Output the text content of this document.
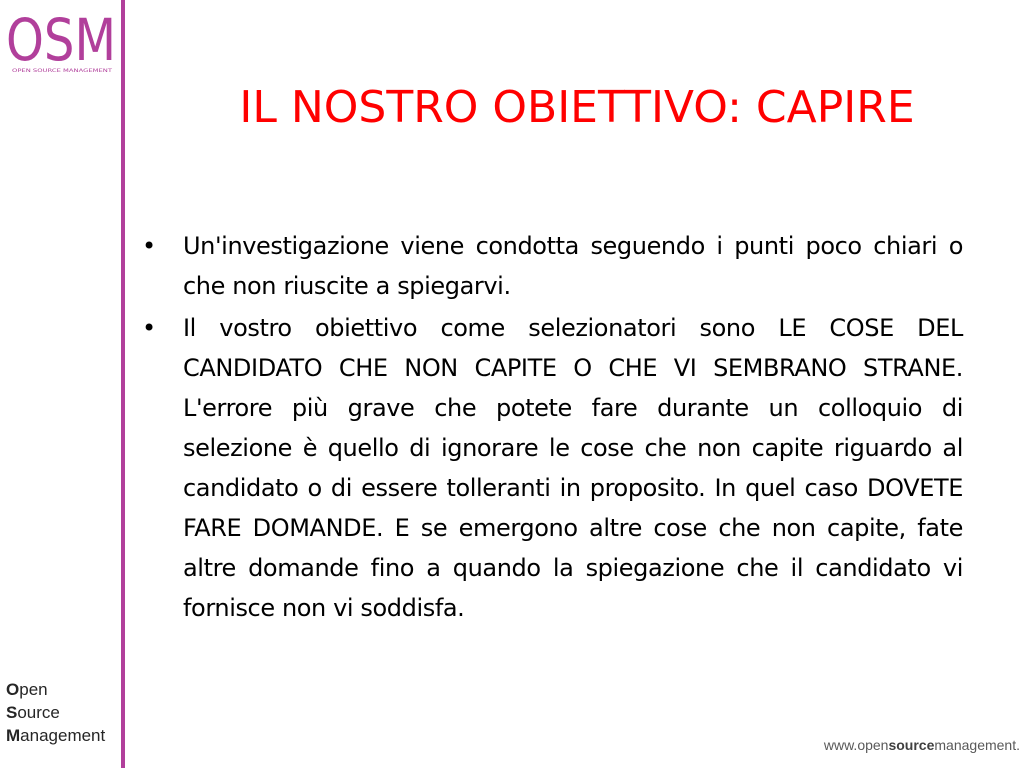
OSM
OPEN SOURCE MANAGEMENT
IL NOSTRO OBIETTIVO: CAPIRE
• Un'investigazione viene condotta seguendo i punti poco chiari o che non riuscite a spiegarvi.
• Il vostro obiettivo come selezionatori sono LE COSE DEL CANDIDATO CHE NON CAPITE O CHE VI SEMBRANO STRANE. L'errore più grave che potete fare durante un colloquio di selezione è quello di ignorare le cose che non capite riguardo al candidato o di essere tolleranti in proposito. In quel caso DOVETE FARE DOMANDE. E se emergono altre cose che non capite, fate altre domande fino a quando la spiegazione che il candidato vi fornisce non vi soddisfa.
Open
Source
Management	www.opensourcemanagement.
